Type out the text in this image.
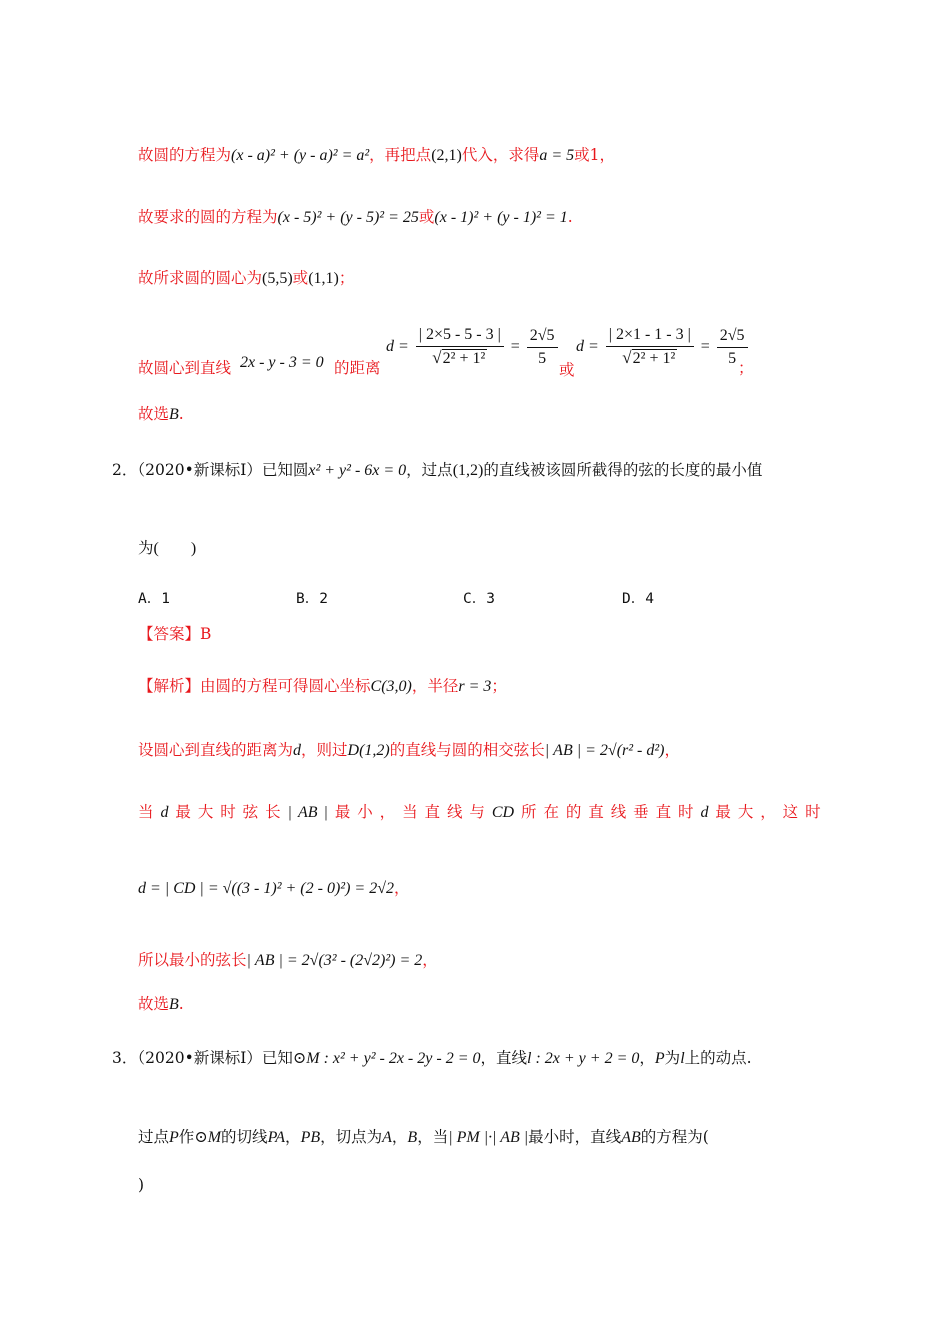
故圆的方程为(x - a)² + (y - a)² = a²，再把点(2,1)代入，求得a = 5或1，
故要求的圆的方程为(x - 5)² + (y - 5)² = 25或(x - 1)² + (y - 1)² = 1.
故所求圆的圆心为(5,5)或(1,1)；
故圆心到直线 2x - y - 3 = 0 的距离
$d = \frac{| 2\times 5 - 5 - 3 |}{\text{√2² + 1²}} = \frac{2√5}{5}$
或
$d = \frac{| 2\times 1 - 1 - 3 |}{\text{√2² + 1²}} = \frac{2√5}{5}$
；
故选B.
2．（2020•新课标Ⅰ）已知圆x² + y² - 6x = 0，过点(1,2)的直线被该圆所截得的弦的长度的最小值
为(　　)
A．1	B．2	C．3	D．4
【答案】B
【解析】由圆的方程可得圆心坐标C(3,0)，半径r = 3；
设圆心到直线的距离为d，则过D(1,2)的直线与圆的相交弦长| AB | = 2√(r² - d²)，
当 d 最 大 时 弦 长 | AB | 最 小 ， 当 直 线 与 CD 所 在 的 直 线 垂 直 时 d 最 大 ， 这 时
d = | CD | = √((3 - 1)² + (2 - 0)²) = 2√2，
所以最小的弦长| AB | = 2√(3² - (2√2)²) = 2，
故选B.
3．（2020•新课标Ⅰ）已知⊙M : x² + y² - 2x - 2y - 2 = 0，直线l : 2x + y + 2 = 0，P为l上的动点.
过点P作⊙M的切线PA，PB，切点为A，B，当| PM |·| AB |最小时，直线AB的方程为(
)
